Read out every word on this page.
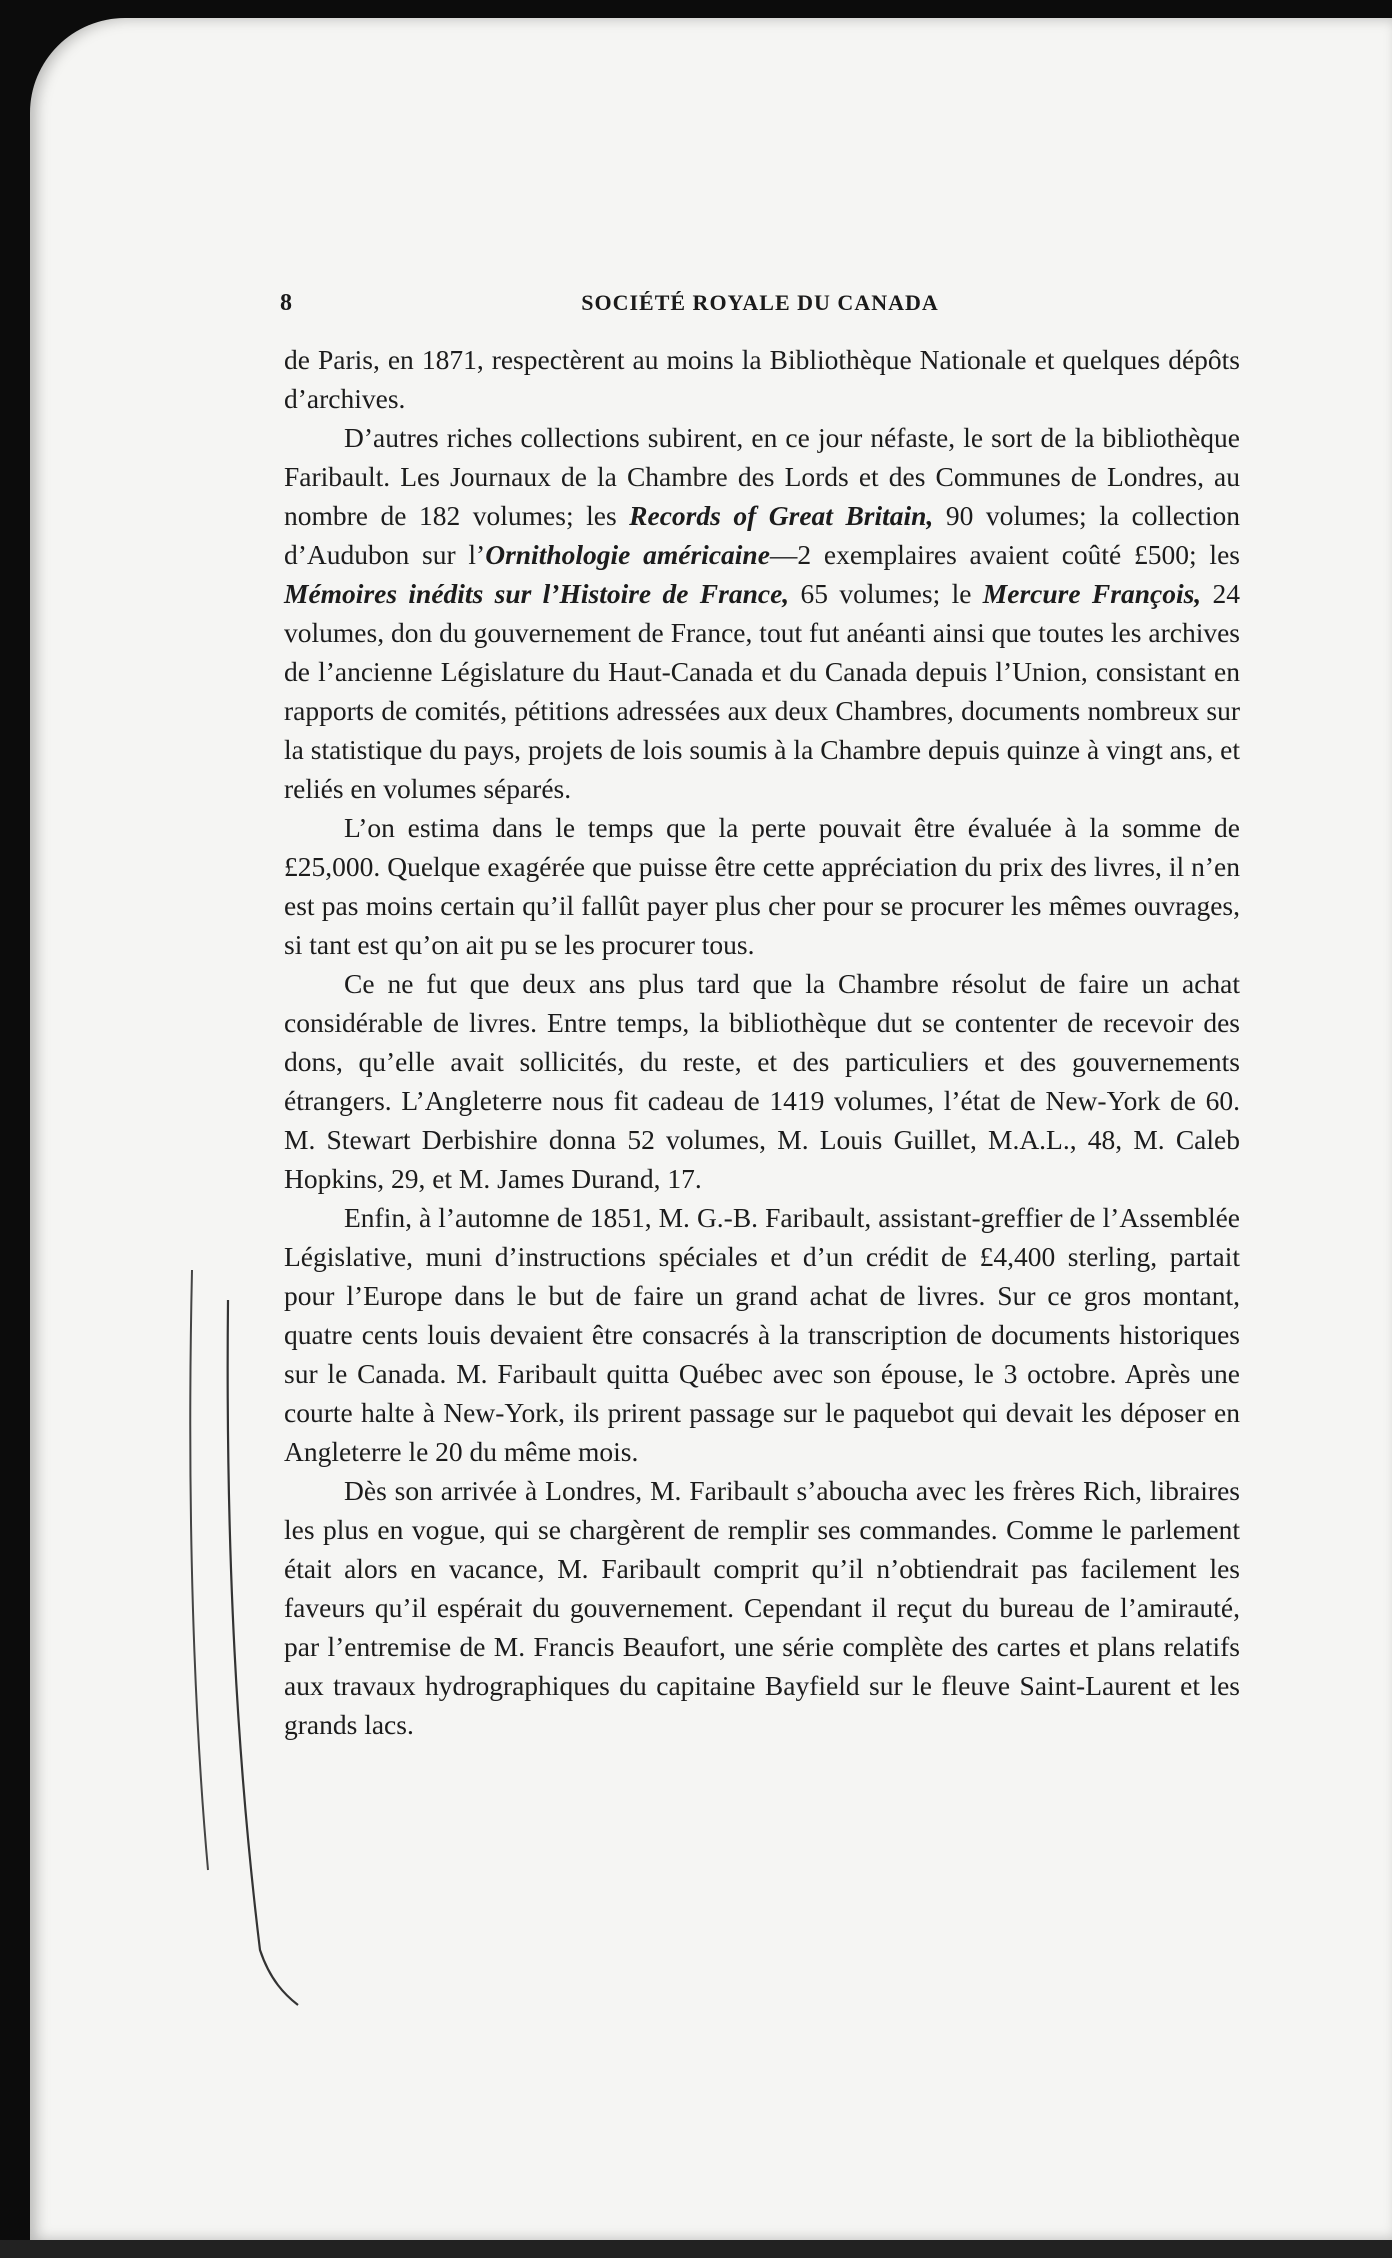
8	SOCIÉTÉ ROYALE DU CANADA

de Paris, en 1871, respectèrent au moins la Bibliothèque Nationale et quelques dépôts d’archives.

D’autres riches collections subirent, en ce jour néfaste, le sort de la bibliothèque Faribault. Les Journaux de la Chambre des Lords et des Communes de Londres, au nombre de 182 volumes; les Records of Great Britain, 90 volumes; la collection d’Audubon sur l’Ornithologie américaine—2 exemplaires avaient coûté £500; les Mémoires inédits sur l’Histoire de France, 65 volumes; le Mercure François, 24 volumes, don du gouvernement de France, tout fut anéanti ainsi que toutes les archives de l’ancienne Législature du Haut-Canada et du Canada depuis l’Union, consistant en rapports de comités, pétitions adressées aux deux Chambres, documents nombreux sur la statistique du pays, projets de lois soumis à la Chambre depuis quinze à vingt ans, et reliés en volumes séparés.

L’on estima dans le temps que la perte pouvait être évaluée à la somme de £25,000. Quelque exagérée que puisse être cette appréciation du prix des livres, il n’en est pas moins certain qu’il fallût payer plus cher pour se procurer les mêmes ouvrages, si tant est qu’on ait pu se les procurer tous.

Ce ne fut que deux ans plus tard que la Chambre résolut de faire un achat considérable de livres. Entre temps, la bibliothèque dut se contenter de recevoir des dons, qu’elle avait sollicités, du reste, et des particuliers et des gouvernements étrangers. L’Angleterre nous fit cadeau de 1419 volumes, l’état de New-York de 60. M. Stewart Derbishire donna 52 volumes, M. Louis Guillet, M.A.L., 48, M. Caleb Hopkins, 29, et M. James Durand, 17.

Enfin, à l’automne de 1851, M. G.-B. Faribault, assistant-greffier de l’Assemblée Législative, muni d’instructions spéciales et d’un crédit de £4,400 sterling, partait pour l’Europe dans le but de faire un grand achat de livres. Sur ce gros montant, quatre cents louis devaient être consacrés à la transcription de documents historiques sur le Canada. M. Faribault quitta Québec avec son épouse, le 3 octobre. Après une courte halte à New-York, ils prirent passage sur le paquebot qui devait les déposer en Angleterre le 20 du même mois.

Dès son arrivée à Londres, M. Faribault s’aboucha avec les frères Rich, libraires les plus en vogue, qui se chargèrent de remplir ses commandes. Comme le parlement était alors en vacance, M. Faribault comprit qu’il n’obtiendrait pas facilement les faveurs qu’il espérait du gouvernement. Cependant il reçut du bureau de l’amirauté, par l’entremise de M. Francis Beaufort, une série complète des cartes et plans relatifs aux travaux hydrographiques du capitaine Bayfield sur le fleuve Saint-Laurent et les grands lacs.
